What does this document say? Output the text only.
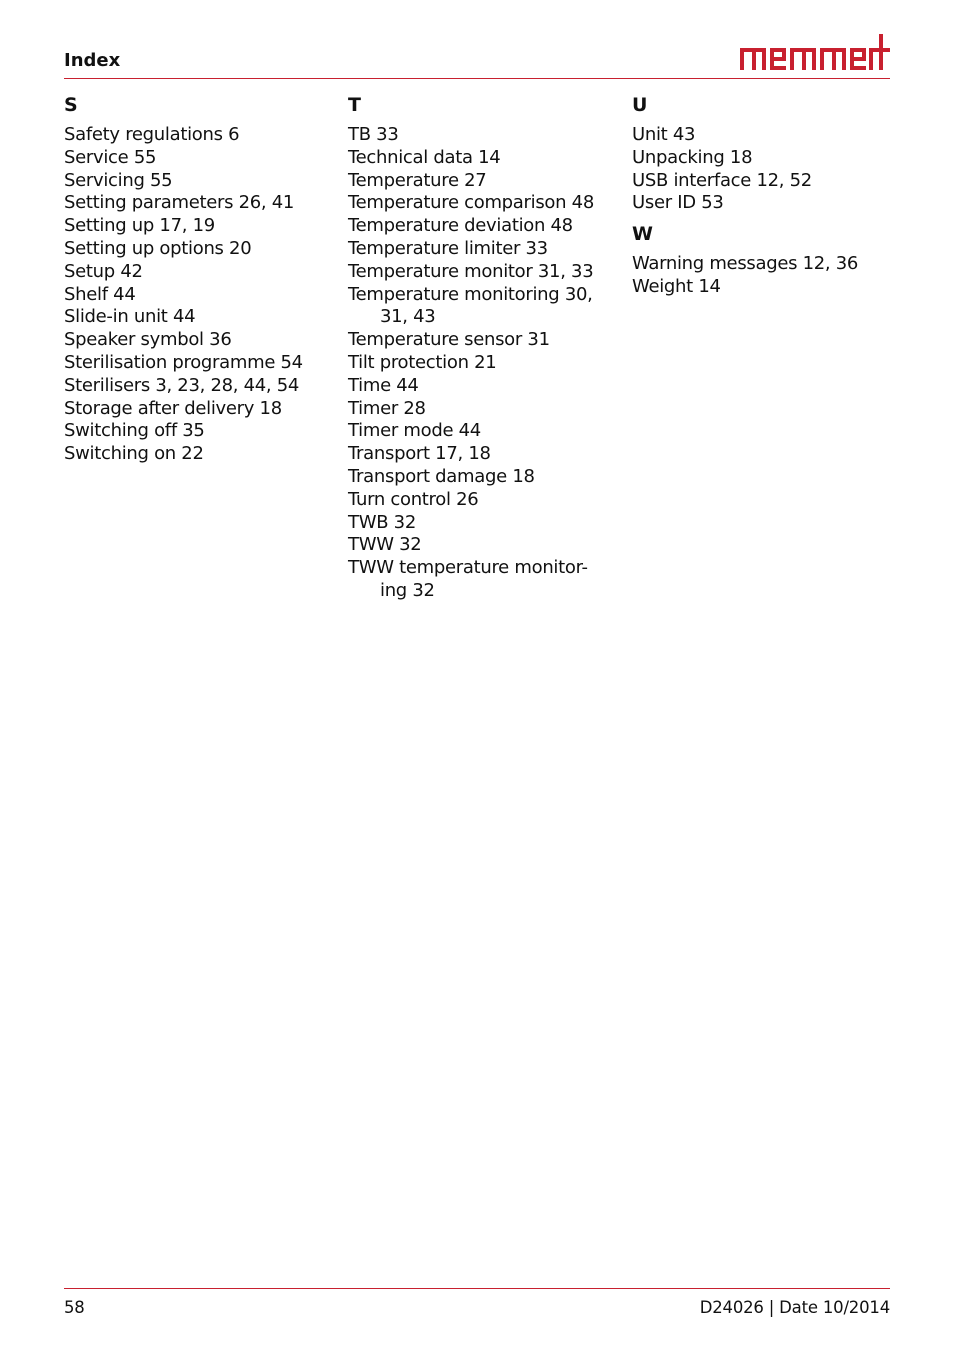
Index
S
Safety regulations 6
Service 55
Servicing 55
Setting parameters 26, 41
Setting up 17, 19
Setting up options 20
Setup 42
Shelf 44
Slide-in unit 44
Speaker symbol 36
Sterilisation programme 54
Sterilisers 3, 23, 28, 44, 54
Storage after delivery 18
Switching off 35
Switching on 22
T
TB 33
Technical data 14
Temperature 27
Temperature comparison 48
Temperature deviation 48
Temperature limiter 33
Temperature monitor 31, 33
Temperature monitoring 30,
31, 43
Temperature sensor 31
Tilt protection 21
Time 44
Timer 28
Timer mode 44
Transport 17, 18
Transport damage 18
Turn control 26
TWB 32
TWW 32
TWW temperature monitor-
ing 32
U
Unit 43
Unpacking 18
USB interface 12, 52
User ID 53
W
Warning messages 12, 36
Weight 14
58	D24026 | Date 10/2014
